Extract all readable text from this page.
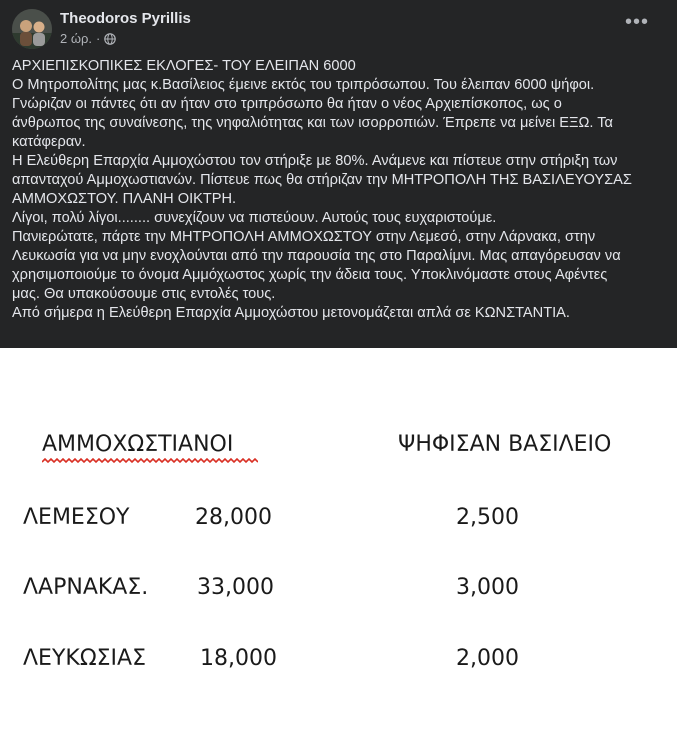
Theodoros Pyrillis
2 ώρ. ·
•••

ΑΡΧΙΕΠΙΣΚΟΠΙΚΕΣ ΕΚΛΟΓΕΣ- ΤΟΥ ΕΛΕΙΠΑΝ 6000

Ο Μητροπολίτης μας κ.Βασίλειος έμεινε εκτός του τριπρόσωπου. Του έλειπαν 6000 ψήφοι.

Γνώριζαν οι πάντες ότι αν ήταν στο τριπρόσωπο θα ήταν ο νέος Αρχιεπίσκοπος, ως ο

άνθρωπος της συναίνεσης, της νηφαλιότητας και των ισορροπιών. Έπρεπε να μείνει ΕΞΩ. Τα

κατάφεραν.

Η Ελεύθερη Επαρχία Αμμοχώστου τον στήριξε με 80%. Ανάμενε και πίστευε στην στήριξη των

απανταχού Αμμοχωστιανών. Πίστευε πως θα στήριζαν την ΜΗΤΡΟΠΟΛΗ ΤΗΣ ΒΑΣΙΛΕΥΟΥΣΑΣ

ΑΜΜΟΧΩΣΤΟΥ. ΠΛΑΝΗ ΟΙΚΤΡΗ.

Λίγοι, πολύ λίγοι........ συνεχίζουν να πιστεύουν. Αυτούς τους ευχαριστούμε.

Πανιερώτατε, πάρτε την ΜΗΤΡΟΠΟΛΗ ΑΜΜΟΧΩΣΤΟΥ στην Λεμεσό, στην Λάρνακα, στην

Λευκωσία για να μην ενοχλούνται από την παρουσία της στο Παραλίμνι. Μας απαγόρευσαν να

χρησιμοποιούμε το όνομα Αμμόχωστος χωρίς την άδεια τους. Υποκλινόμαστε στους Αφέντες

μας. Θα υπακούσουμε στις εντολές τους.

Από σήμερα η Ελεύθερη Επαρχία Αμμοχώστου μετονομάζεται απλά σε ΚΩΝΣΤΑΝΤΙΑ.

ΑΜΜΟΧΩΣΤΙΑΝΟΙ	ΨΗΦΙΣΑΝ ΒΑΣΙΛΕΙΟ
ΛΕΜΕΣΟΥ	28,000	2,500
ΛΑΡΝΑΚΑΣ. 33,000	3,000
ΛΕΥΚΩΣΙΑΣ 18,000	2,000
